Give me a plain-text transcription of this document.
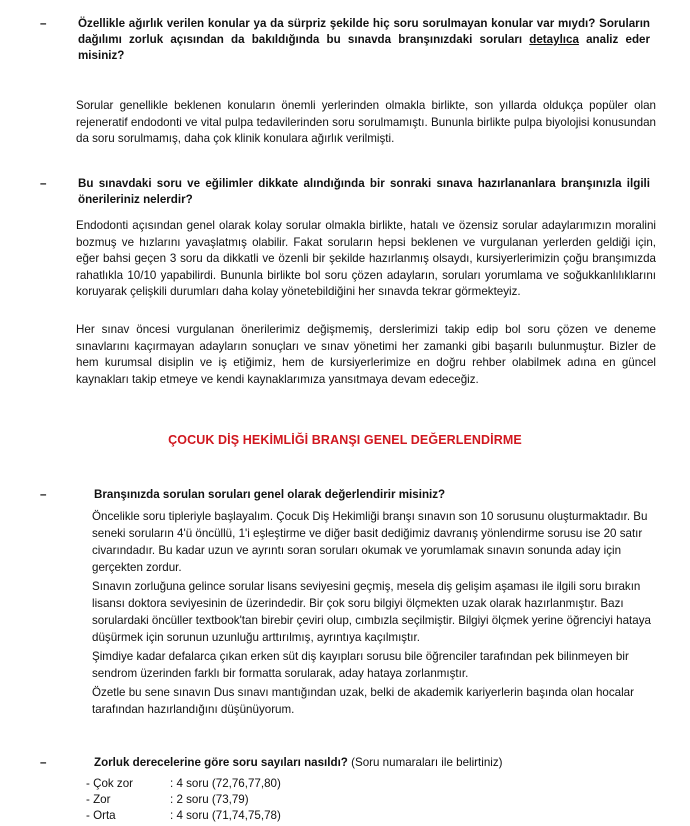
–	Özellikle ağırlık verilen konular ya da sürpriz şekilde hiç soru sorulmayan konular var mıydı? Soruların dağılımı zorluk açısından da bakıldığında bu sınavda branşınızdaki soruları detaylıca analiz eder misiniz?

Sorular genellikle beklenen konuların önemli yerlerinden olmakla birlikte, son yıllarda oldukça popüler olan rejeneratif endodonti ve vital pulpa tedavilerinden soru sorulmamıştı. Bununla birlikte pulpa biyolojisi konusundan da soru sorulmamış, daha çok klinik konulara ağırlık verilmişti.

–	Bu sınavdaki soru ve eğilimler dikkate alındığında bir sonraki sınava hazırlananlara branşınızla ilgili önerileriniz nelerdir?

Endodonti açısından genel olarak kolay sorular olmakla birlikte, hatalı ve özensiz sorular adaylarımızın moralini bozmuş ve hızlarını yavaşlatmış olabilir. Fakat soruların hepsi beklenen ve vurgulanan yerlerden geldiği için, eğer bahsi geçen 3 soru da dikkatli ve özenli bir şekilde hazırlanmış olsaydı, kursiyerlerimizin çoğu branşımızda rahatlıkla 10/10 yapabilirdi. Bununla birlikte bol soru çözen adayların, soruları yorumlama ve soğukkanlılıklarını koruyarak çelişkili durumları daha kolay yönetebildiğini her sınavda tekrar görmekteyiz.

Her sınav öncesi vurgulanan önerilerimiz değişmemiş, derslerimizi takip edip bol soru çözen ve deneme sınavlarını kaçırmayan adayların sonuçları ve sınav yönetimi her zamanki gibi başarılı bulunmuştur. Bizler de hem kurumsal disiplin ve iş etiğimiz, hem de kursiyerlerimize en doğru rehber olabilmek adına en güncel kaynakları takip etmeye ve kendi kaynaklarımıza yansıtmaya devam edeceğiz.

ÇOCUK DİŞ HEKİMLİĞİ BRANŞI GENEL DEĞERLENDİRME
–	Branşınızda sorulan soruları genel olarak değerlendirir misiniz?

Öncelikle soru tipleriyle başlayalım. Çocuk Diş Hekimliği branşı sınavın son 10 sorusunu oluşturmaktadır. Bu seneki soruların 4'ü öncüllü, 1'i eşleştirme ve diğer basit dediğimiz davranış yönlendirme sorusu ise 20 satır civarındadır. Bu kadar uzun ve ayrıntı soran soruları okumak ve yorumlamak sınavın sonunda aday için gerçekten zordur.

Sınavın zorluğuna gelince sorular lisans seviyesini geçmiş, mesela diş gelişim aşaması ile ilgili soru bırakın lisansı doktora seviyesinin de üzerindedir. Bir çok soru bilgiyi ölçmekten uzak olarak hazırlanmıştır. Bazı sorulardaki öncüller textbook'tan birebir çeviri olup, cımbızla seçilmiştir. Bilgiyi ölçmek yerine öğrenciyi hataya düşürmek için sorunun uzunluğu arttırılmış, ayrıntıya kaçılmıştır.

Şimdiye kadar defalarca çıkan erken süt diş kayıpları sorusu bile öğrenciler tarafından pek bilinmeyen bir sendrom üzerinden farklı bir formatta sorularak, aday hataya zorlanmıştır.

Özetle bu sene sınavın Dus sınavı mantığından uzak, belki de akademik kariyerlerin başında olan hocalar tarafından hazırlandığını düşünüyorum.

–	Zorluk derecelerine göre soru sayıları nasıldı? (Soru numaraları ile belirtiniz)
- Çok zor	: 4 soru (72,76,77,80)
- Zor	: 2 soru (73,79)
- Orta	: 4 soru (71,74,75,78)
